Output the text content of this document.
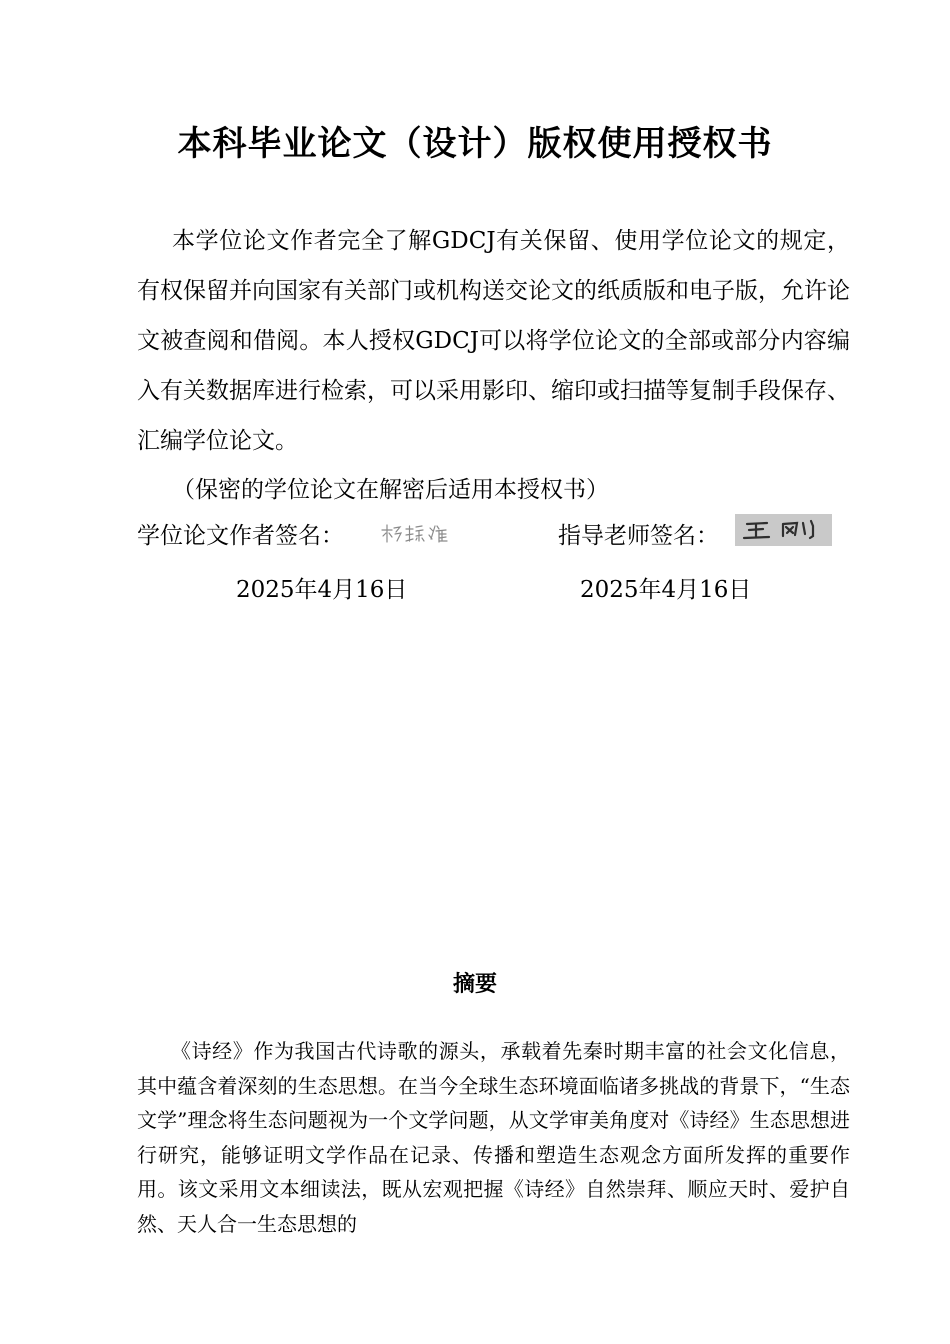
本科毕业论文（设计）版权使用授权书
本学位论文作者完全了解GDCJ有关保留、使用学位论文的规定，有权保留并向国家有关部门或机构送交论文的纸质版和电子版，允许论文被查阅和借阅。本人授权GDCJ可以将学位论文的全部或部分内容编入有关数据库进行检索，可以采用影印、缩印或扫描等复制手段保存、汇编学位论文。
（保密的学位论文在解密后适用本授权书）
学位论文作者签名：	指导老师签名：
2025年4月16日	2025年4月16日
摘要
《诗经》作为我国古代诗歌的源头，承载着先秦时期丰富的社会文化信息，其中蕴含着深刻的生态思想。在当今全球生态环境面临诸多挑战的背景下，“生态文学”理念将生态问题视为一个文学问题，从文学审美角度对《诗经》生态思想进行研究，能够证明文学作品在记录、传播和塑造生态观念方面所发挥的重要作用。该文采用文本细读法，既从宏观把握《诗经》自然崇拜、顺应天时、爱护自然、天人合一生态思想的
